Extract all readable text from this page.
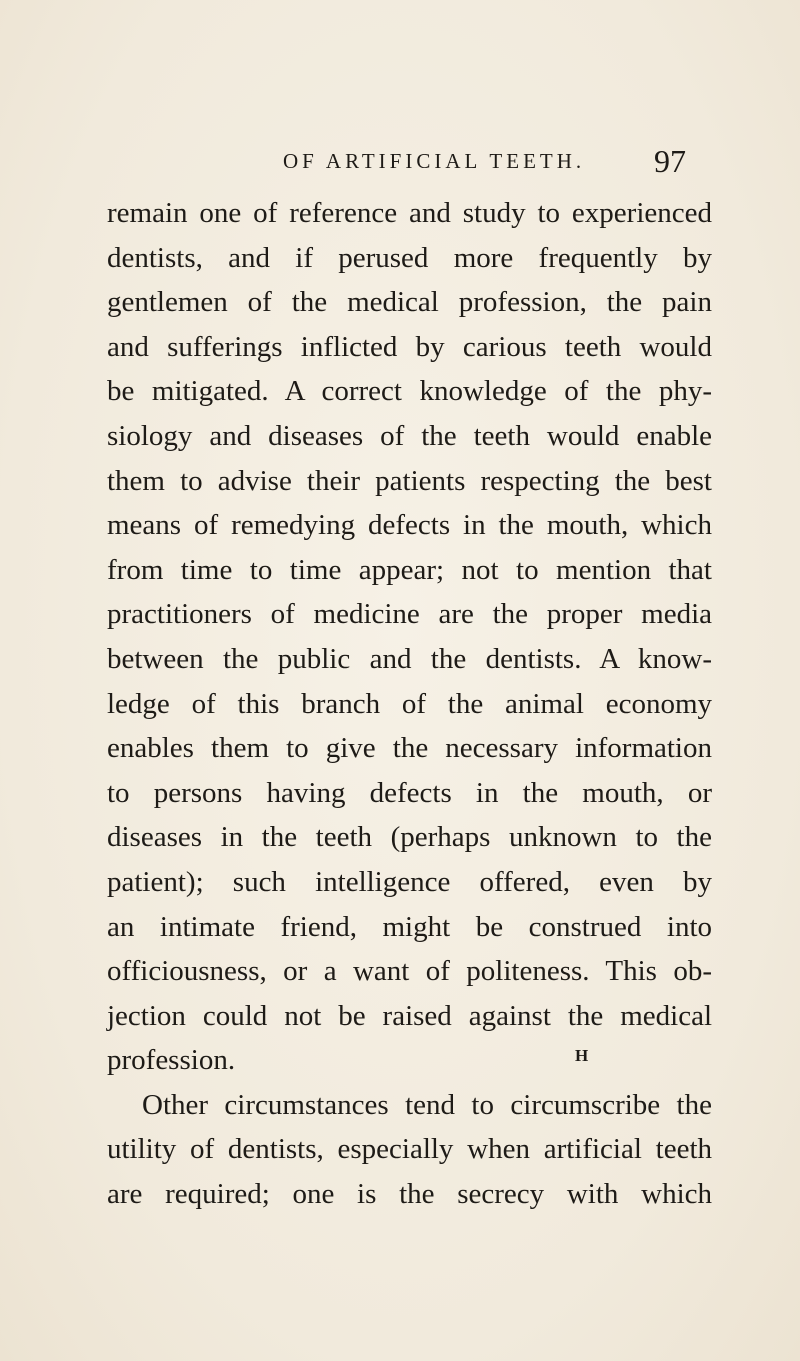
OF ARTIFICIAL TEETH. 97
remain one of reference and study to experienced
dentists, and if perused more frequently by
gentlemen of the medical profession, the pain
and sufferings inflicted by carious teeth would
be mitigated. A correct knowledge of the phy-
siology and diseases of the teeth would enable
them to advise their patients respecting the best
means of remedying defects in the mouth, which
from time to time appear; not to mention that
practitioners of medicine are the proper media
between the public and the dentists. A know-
ledge of this branch of the animal economy
enables them to give the necessary information
to persons having defects in the mouth, or
diseases in the teeth (perhaps unknown to the
patient); such intelligence offered, even by
an intimate friend, might be construed into
officiousness, or a want of politeness. This ob-
jection could not be raised against the medical
profession.
Other circumstances tend to circumscribe the
utility of dentists, especially when artificial teeth
are required; one is the secrecy with which
H
